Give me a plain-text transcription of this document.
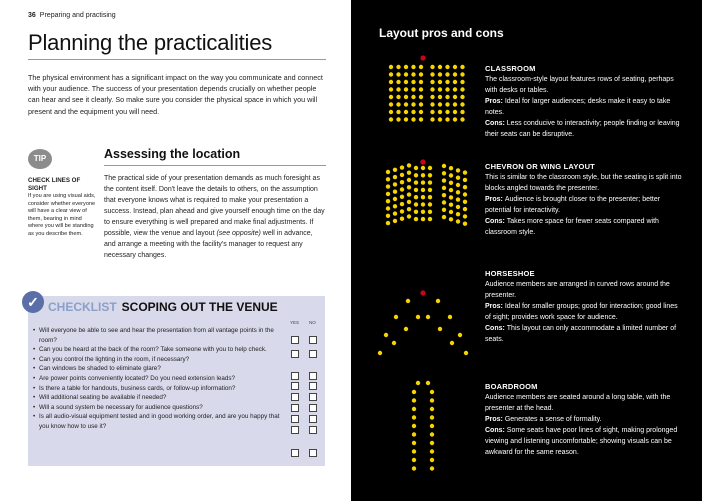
36 Preparing and practising
Planning the practicalities
The physical environment has a significant impact on the way you communicate and connect with your audience. The success of your presentation depends crucially on whether people can hear and see it clearly. So make sure you consider the physical space in which you will present and the equipment you will need.
TIP
CHECK LINES OF SIGHT
If you are using visual aids, consider whether everyone will have a clear view of them, bearing in mind where you will be standing as you describe them.
Assessing the location
The practical side of your presentation demands as much foresight as the content itself. Don't leave the details to others, on the assumption that everyone knows what is required to make your presentation a success. Instead, plan ahead and give yourself enough time on the day to ensure everything is well prepared and make final adjustments. If possible, view the venue and layout (see opposite) well in advance, and arrange a meeting with the facility's manager to request any necessary changes.
✓ CHECKLIST SCOPING OUT THE VENUE
YES NO
• Will everyone be able to see and hear the presentation from all vantage points in the room?
• Can you be heard at the back of the room? Take someone with you to help check.
• Can you control the lighting in the room, if necessary?
• Can windows be shaded to eliminate glare?
• Are power points conveniently located? Do you need extension leads?
• Is there a table for handouts, business cards, or follow-up information?
• Will additional seating be available if needed?
• Will a sound system be necessary for audience questions?
• Is all audio-visual equipment tested and in good working order, and are you happy that you know how to use it?
Layout pros and cons
CLASSROOM
The classroom-style layout features rows of seating, perhaps with desks or tables.
Pros: Ideal for larger audiences; desks make it easy to take notes.
Cons: Less conducive to interactivity; people finding or leaving their seats can be disruptive.
CHEVRON OR WING LAYOUT
This is similar to the classroom style, but the seating is split into blocks angled towards the presenter.
Pros: Audience is brought closer to the presenter; better potential for interactivity.
Cons: Takes more space for fewer seats compared with classroom style.
HORSESHOE
Audience members are arranged in curved rows around the presenter.
Pros: Ideal for smaller groups; good for interaction; good lines of sight; provides work space for audience.
Cons: This layout can only accommodate a limited number of seats.
BOARDROOM
Audience members are seated around a long table, with the presenter at the head.
Pros: Generates a sense of formality.
Cons: Some seats have poor lines of sight, making prolonged viewing and listening uncomfortable; showing visuals can be awkward for the same reason.
